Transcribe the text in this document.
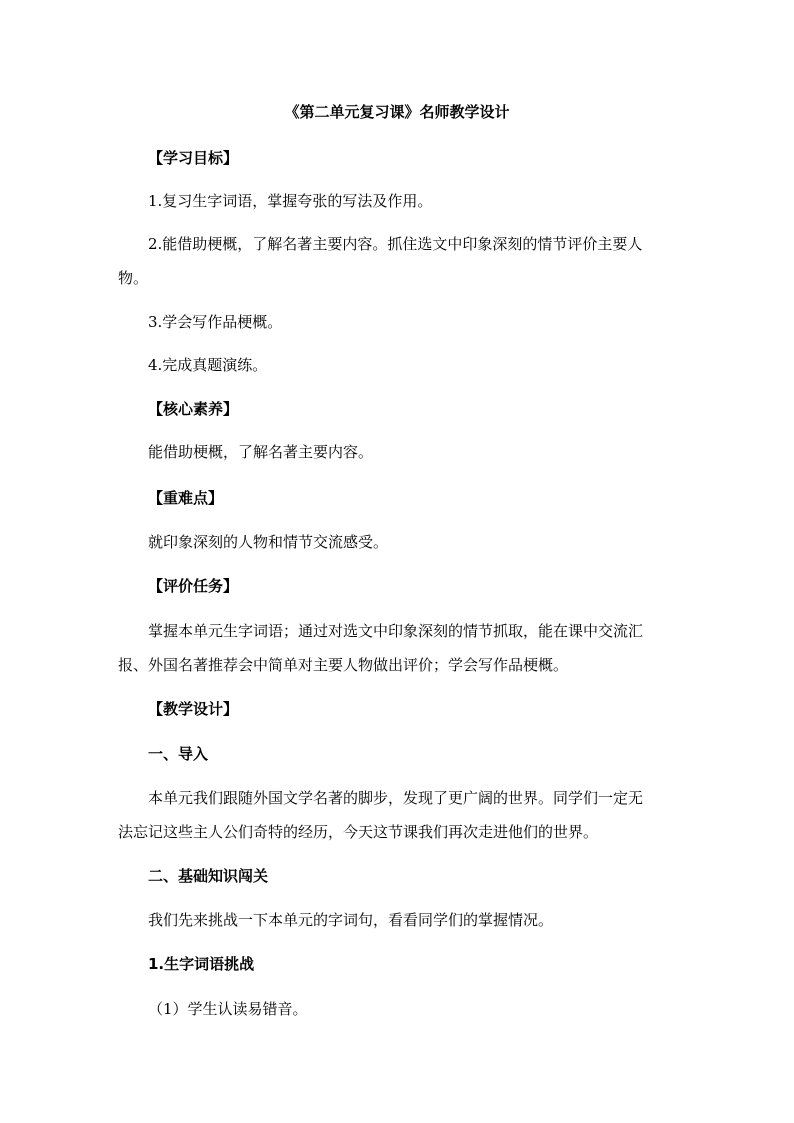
《第二单元复习课》名师教学设计
【学习目标】
1.复习生字词语，掌握夸张的写法及作用。
2.能借助梗概，了解名著主要内容。抓住选文中印象深刻的情节评价主要人
物。
3.学会写作品梗概。
4.完成真题演练。
【核心素养】
能借助梗概，了解名著主要内容。
【重难点】
就印象深刻的人物和情节交流感受。
【评价任务】
掌握本单元生字词语；通过对选文中印象深刻的情节抓取，能在课中交流汇
报、外国名著推荐会中简单对主要人物做出评价；学会写作品梗概。
【教学设计】
一、导入
本单元我们跟随外国文学名著的脚步，发现了更广阔的世界。同学们一定无
法忘记这些主人公们奇特的经历，今天这节课我们再次走进他们的世界。
二、基础知识闯关
我们先来挑战一下本单元的字词句，看看同学们的掌握情况。
1.生字词语挑战
（1）学生认读易错音。
